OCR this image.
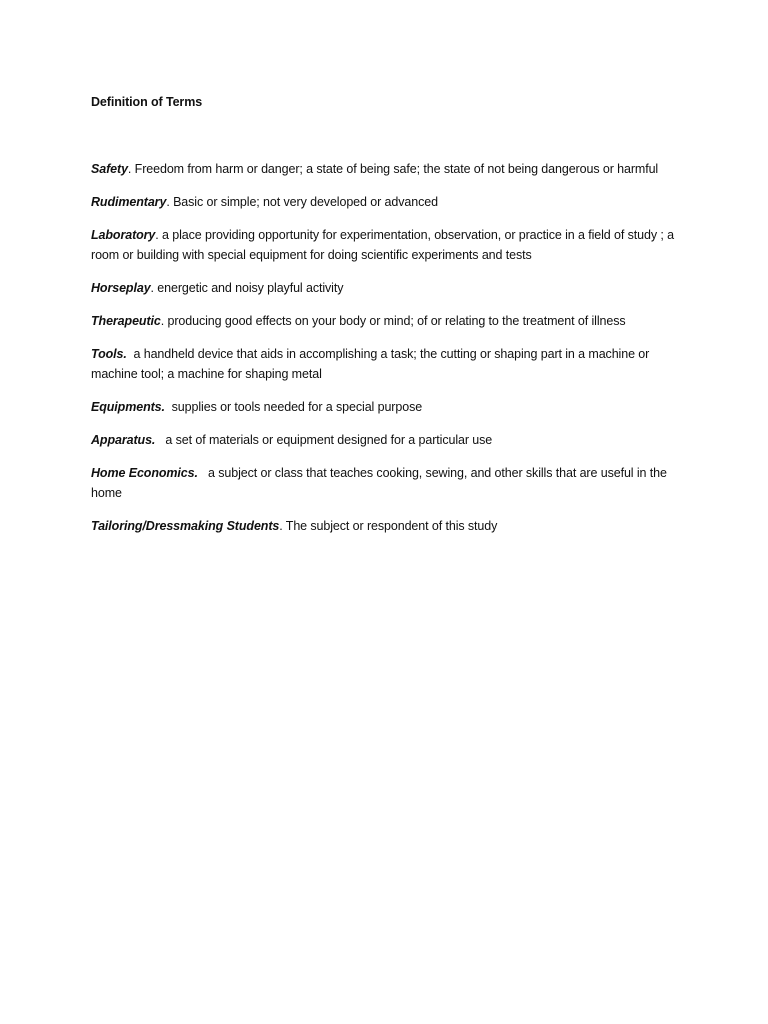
Definition of Terms
Safety. Freedom from harm or danger; a state of being safe; the state of not being dangerous or harmful
Rudimentary. Basic or simple; not very developed or advanced
Laboratory. a place providing opportunity for experimentation, observation, or practice in a field of study ; a room or building with special equipment for doing scientific experiments and tests
Horseplay. energetic and noisy playful activity
Therapeutic. producing good effects on your body or mind; of or relating to the treatment of illness
Tools. a handheld device that aids in accomplishing a task; the cutting or shaping part in a machine or machine tool; a machine for shaping metal
Equipments. supplies or tools needed for a special purpose
Apparatus. a set of materials or equipment designed for a particular use
Home Economics. a subject or class that teaches cooking, sewing, and other skills that are useful in the home
Tailoring/Dressmaking Students. The subject or respondent of this study
